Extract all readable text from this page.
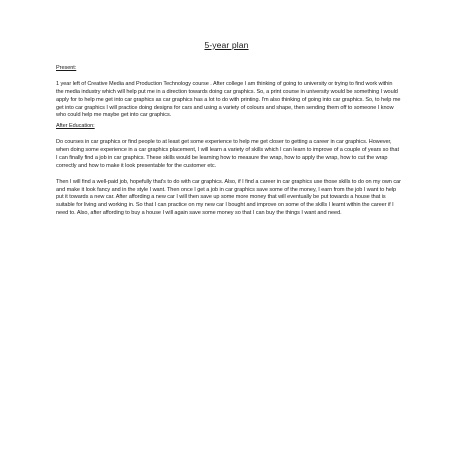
5-year plan

Present:

1 year left of Creative Media and Production Technology course . After college I am thinking of going to university or trying to find work within the media industry which will help put me in a direction towards doing car graphics. So, a print course in university would be something I would apply for to help me get into car graphics as car graphics has a lot to do with printing. I'm also thinking of going into car graphics. So, to help me get into car graphics I will practice doing designs for cars and using a variety of colours and shape, then sending them off to someone I know who could help me maybe get into car graphics.

After Education:

Do courses in car graphics or find people to at least get some experience to help me get closer to getting a career in car graphics. However, when doing some experience in a car graphics placement, I will learn a variety of skills which I can learn to improve of a couple of years so that I can finally find a job in car graphics. These skills would be learning how to measure the wrap, how to apply the wrap, how to cut the wrap correctly and how to make it look presentable for the customer etc.

Then I will find a well-paid job, hopefully that's to do with car graphics. Also, if I find a career in car graphics use those skills to do on my own car and make it look fancy and in the style I want. Then once I get a job in car graphics save some of the money, I earn from the job I want to help put it towards a new car. After affording a new car I will then save up some more money that will eventually be put towards a house that is suitable for living and working in. So that I can practice on my new car I bought and improve on some of the skills I learnt within the career if I need to. Also, after affording to buy a house I will again save some money so that I can buy the things I want and need.
